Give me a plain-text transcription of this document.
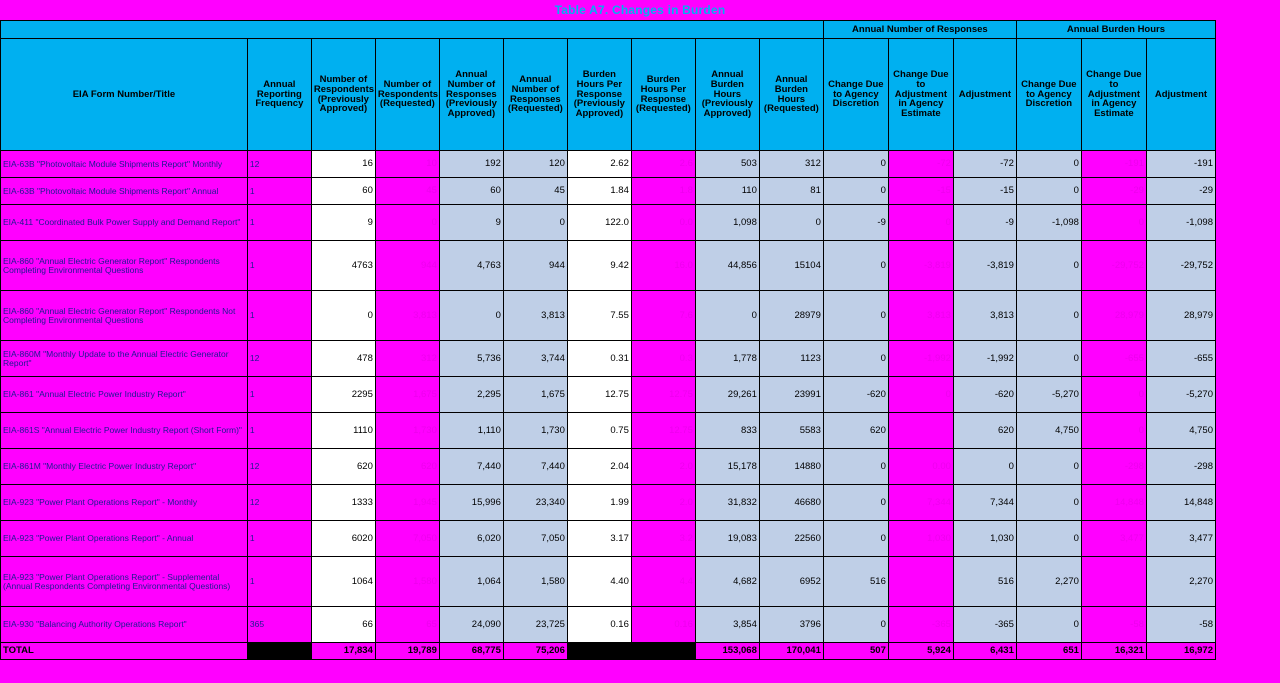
Table A7. Changes in Burden
										Annual Number of Responses			Annual Burden Hours		
EIA Form Number/Title	Annual Reporting Frequency	Number of Respondents (Previously Approved)	Number of Respondents (Requested)	Annual Number of Responses (Previously Approved)	Annual Number of Responses (Requested)	Burden Hours Per Response (Previously Approved)	Burden Hours Per Response (Requested)	Annual Burden Hours (Previously Approved)	Annual Burden Hours (Requested)	Change Due to Agency Discretion	Change Due to Adjustment in Agency Estimate	Adjustment	Change Due to Agency Discretion	Change Due to Adjustment in Agency Estimate	Adjustment
EIA-63B "Photovoltaic Module Shipments Report" Monthly	12	16	10	192	120	2.62	2.6	503	312	0	-72	-72	0	-191	-191
EIA-63B "Photovoltaic Module Shipments Report" Annual	1	60	45	60	45	1.84	1.8	110	81	0	-15	-15	0	-29	-29
EIA-411 "Coordinated Bulk Power Supply and Demand Report"	1	9	0	9	0	122.0	0.0	1,098	0	-9	0	-9	-1,098	0	-1,098
EIA-860 "Annual Electric Generator Report" Respondents Completing Environmental Questions	1	4763	944	4,763	944	9.42	16.0	44,856	15104	0	-3,819	-3,819	0	-29,752	-29,752
EIA-860 "Annual Electric Generator Report" Respondents Not Completing Environmental Questions	1	0	3,813	0	3,813	7.55	7.6	0	28979	0	3,813	3,813	0	28,979	28,979
EIA-860M "Monthly Update to the Annual Electric Generator Report"	12	478	312	5,736	3,744	0.31	0.3	1,778	1123	0	-1,992	-1,992	0	-655	-655
EIA-861 "Annual Electric Power Industry Report"	1	2295	1,675	2,295	1,675	12.75	12.75	29,261	23991	-620	0	-620	-5,270	0	-5,270
EIA-861S "Annual Electric Power Industry Report (Short Form)"	1	1110	1,730	1,110	1,730	0.75	12.75	833	5583	620		620	4,750	0	4,750
EIA-861M "Monthly Electric Power Industry Report"	12	620	620	7,440	7,440	2.04	2.0	15,178	14880	0	0.00	0	0	-298	-298
EIA-923 "Power Plant Operations Report" - Monthly	12	1333	1,945	15,996	23,340	1.99	2.0	31,832	46680	0	7,344	7,344	0	14,848	14,848
EIA-923 "Power Plant Operations Report" - Annual	1	6020	7,050	6,020	7,050	3.17	3.2	19,083	22560	0	1,030	1,030	0	3,477	3,477
EIA-923 "Power Plant Operations Report" - Supplemental (Annual Respondents Completing Environmental Questions)	1	1064	1,580	1,064	1,580	4.40	4.4	4,682	6952	516		516	2,270		2,270
EIA-930 "Balancing Authority Operations Report"	365	66	65	24,090	23,725	0.16	0.16	3,854	3796	0	-365	-365	0	-58	-58
TOTAL		17,834	19,789	68,775	75,206			153,068	170,041	507	5,924	6,431	651	16,321	16,972
